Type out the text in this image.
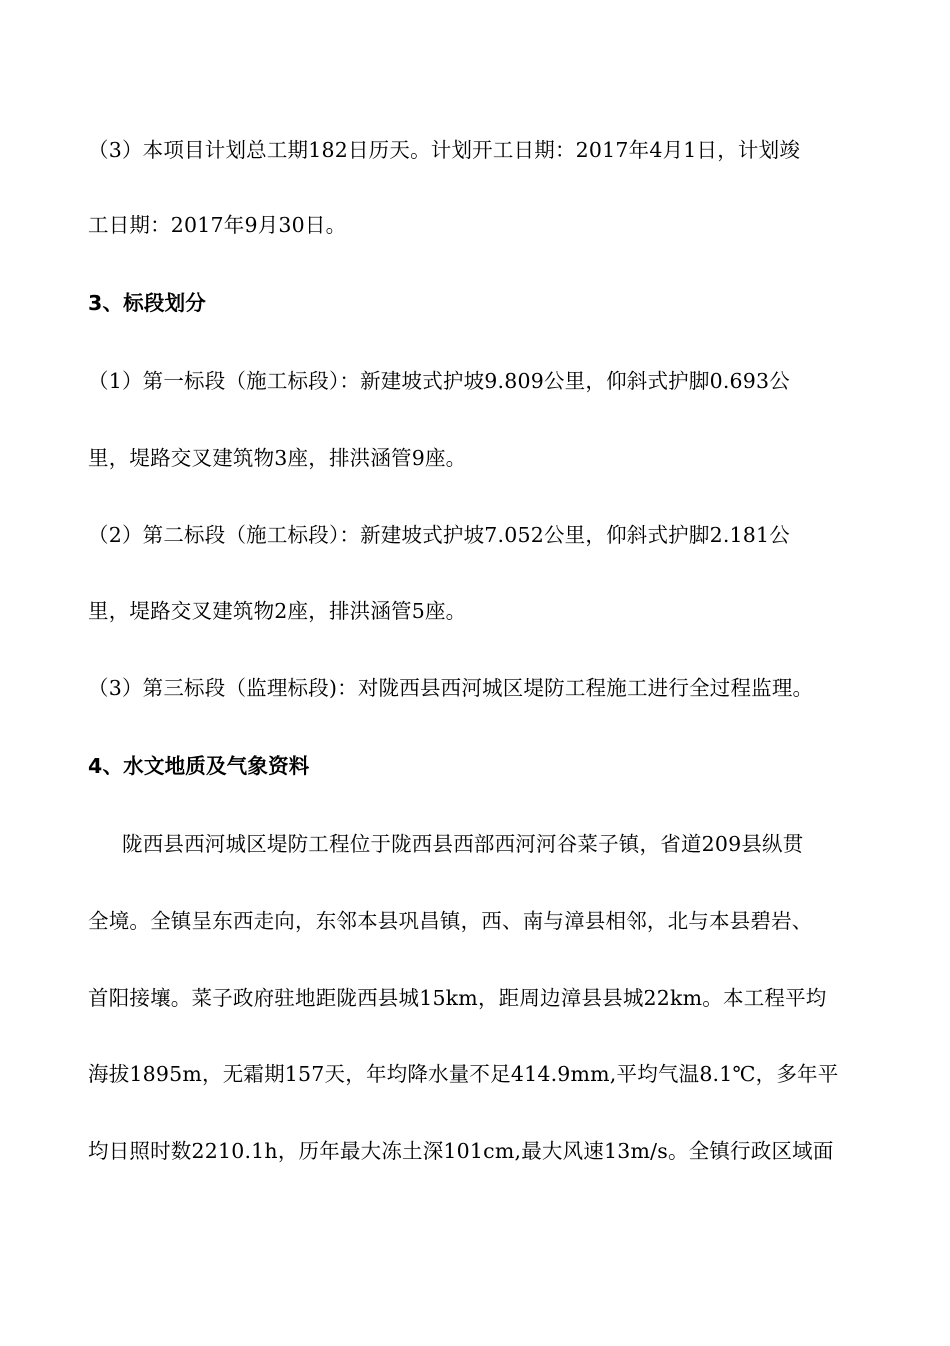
（3）本项目计划总工期182日历天。计划开工日期：2017年4月1日，计划竣
工日期：2017年9月30日。
3、标段划分
（1）第一标段（施工标段）：新建坡式护坡9.809公里，仰斜式护脚0.693公
里，堤路交叉建筑物3座，排洪涵管9座。
（2）第二标段（施工标段）：新建坡式护坡7.052公里，仰斜式护脚2.181公
里，堤路交叉建筑物2座，排洪涵管5座。
（3）第三标段（监理标段)：对陇西县西河城区堤防工程施工进行全过程监理。
4、水文地质及气象资料
陇西县西河城区堤防工程位于陇西县西部西河河谷菜子镇，省道209县纵贯
全境。全镇呈东西走向，东邻本县巩昌镇，西、南与漳县相邻，北与本县碧岩、
首阳接壤。菜子政府驻地距陇西县城15km，距周边漳县县城22km。本工程平均
海拔1895m，无霜期157天，年均降水量不足414.9mm,平均气温8.1℃，多年平
均日照时数2210.1h，历年最大冻土深101cm,最大风速13m/s。全镇行政区域面
